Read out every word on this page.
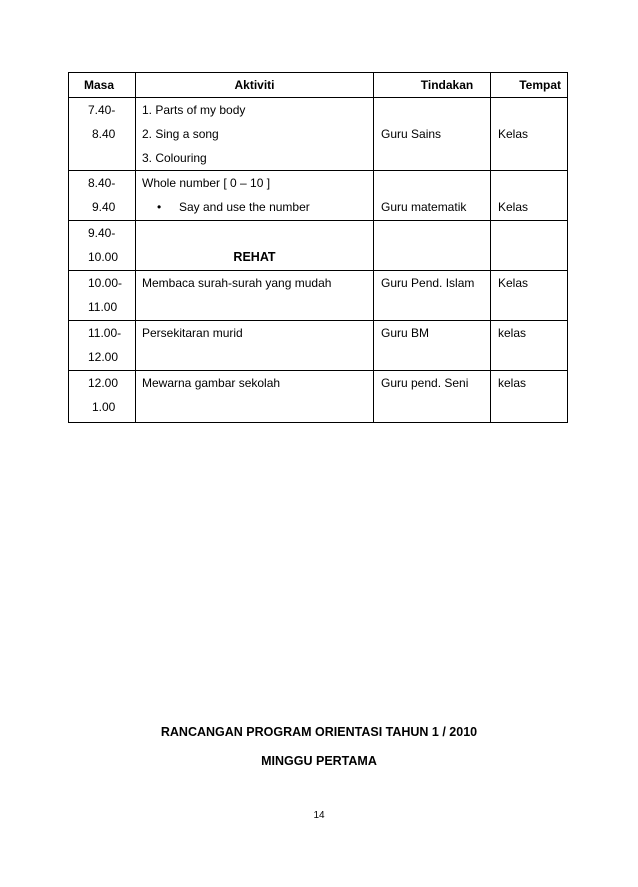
Masa	Aktiviti	Tindakan	Tempat

7.40-
8.40	1. Parts of my body
2. Sing a song
3. Colouring	Guru Sains	Kelas

8.40-
9.40	Whole number [ 0 – 10 ]
• Say and use the number	Guru matematik	Kelas

9.40-
10.00	REHAT		

10.00-
11.00	Membaca surah-surah yang mudah	Guru Pend. Islam	Kelas

11.00-
12.00	Persekitaran murid	Guru BM	kelas

12.00
1.00	Mewarna gambar sekolah	Guru pend. Seni	kelas
RANCANGAN PROGRAM ORIENTASI TAHUN 1 / 2010
MINGGU PERTAMA
14
